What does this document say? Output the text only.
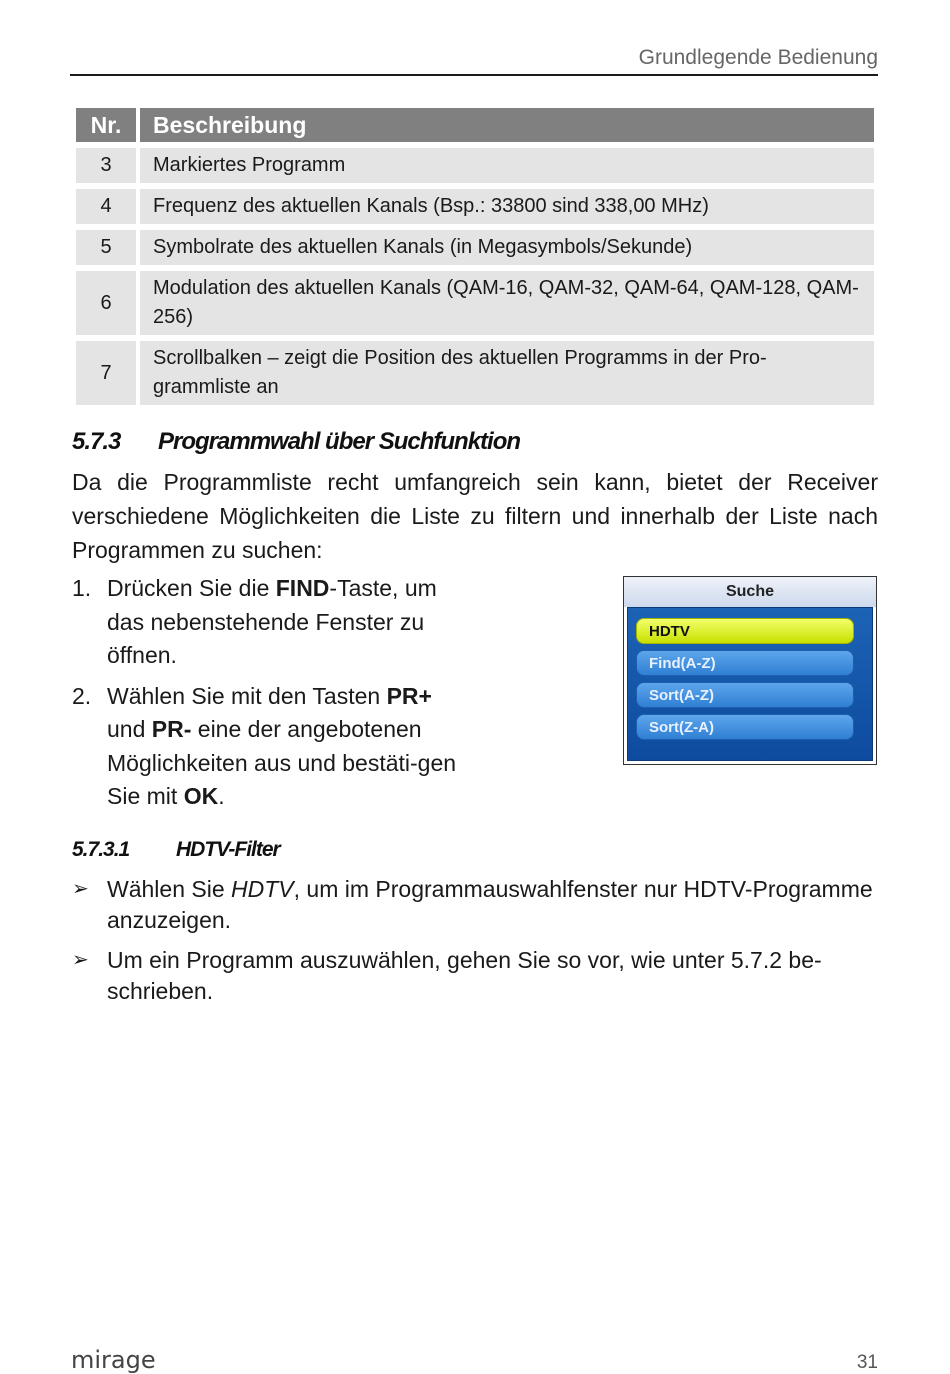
Grundlegende Bedienung
Nr.	Beschreibung
3	Markiertes Programm
4	Frequenz des aktuellen Kanals (Bsp.: 33800 sind 338,00 MHz)
5	Symbolrate des aktuellen Kanals (in Megasymbols/Sekunde)
6	Modulation des aktuellen Kanals (QAM-16, QAM-32, QAM-64, QAM-128, QAM-256)
7	Scrollbalken – zeigt die Position des aktuellen Programms in der Pro-grammliste an
5.7.3 Programmwahl über Suchfunktion

Da die Programmliste recht umfangreich sein kann, bietet der Receiver verschiedene Möglichkeiten die Liste zu filtern und innerhalb der Liste nach Programmen zu suchen:

1. Drücken Sie die FIND-Taste, um das nebenstehende Fenster zu öffnen.
2. Wählen Sie mit den Tasten PR+ und PR- eine der angebotenen Möglichkeiten aus und bestäti-gen Sie mit OK.
Suche
HDTV
Find(A-Z)
Sort(A-Z)
Sort(Z-A)
5.7.3.1 HDTV-Filter
➢ Wählen Sie HDTV, um im Programmauswahlfenster nur HDTV-Programme anzuzeigen.
➢ Um ein Programm auszuwählen, gehen Sie so vor, wie unter 5.7.2 be-schrieben.
mirage	31
